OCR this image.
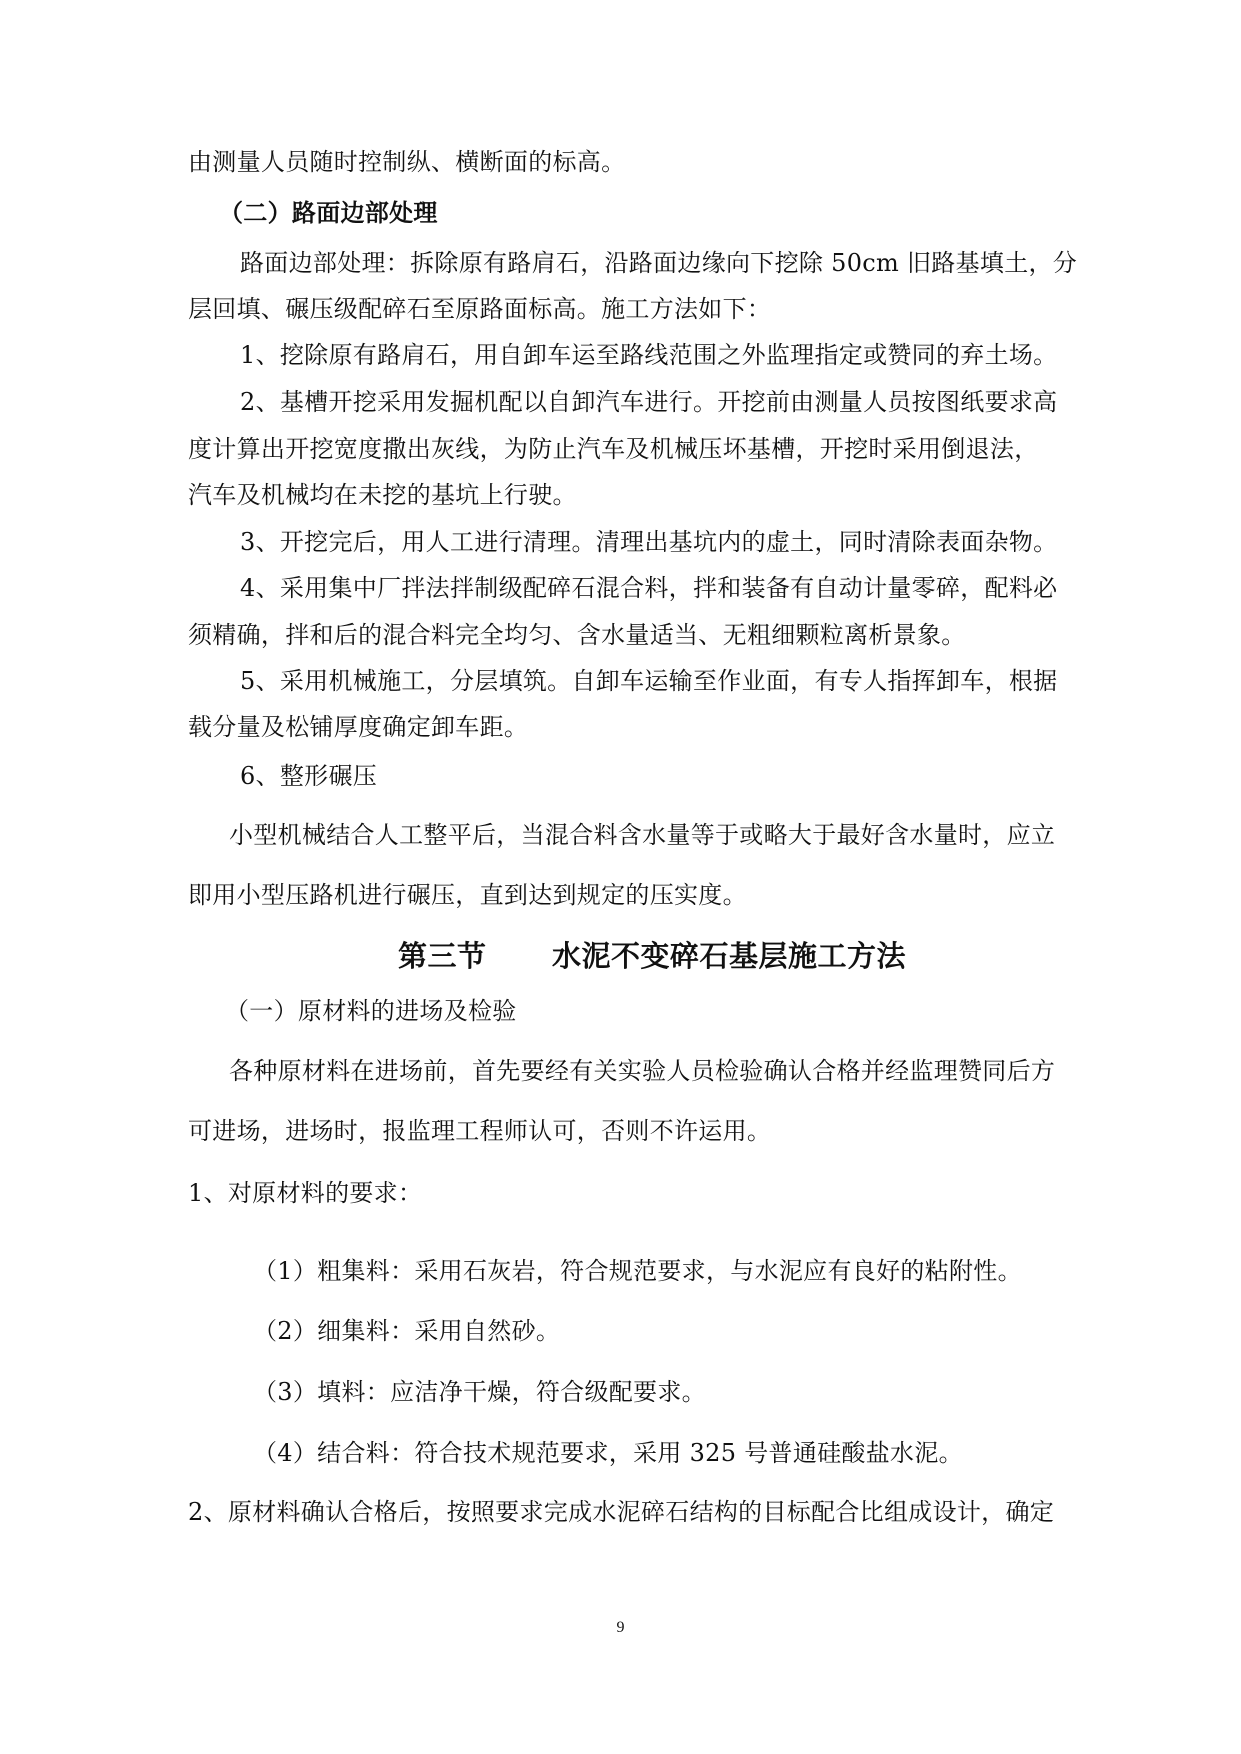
由测量人员随时控制纵、横断面的标高。
（二）路面边部处理
路面边部处理：拆除原有路肩石，沿路面边缘向下挖除 50cm 旧路基填土，分
层回填、碾压级配碎石至原路面标高。施工方法如下：
1、挖除原有路肩石，用自卸车运至路线范围之外监理指定或赞同的弃土场。
2、基槽开挖采用发掘机配以自卸汽车进行。开挖前由测量人员按图纸要求高
度计算出开挖宽度撒出灰线，为防止汽车及机械压坏基槽，开挖时采用倒退法，
汽车及机械均在未挖的基坑上行驶。
3、开挖完后，用人工进行清理。清理出基坑内的虚土，同时清除表面杂物。
4、采用集中厂拌法拌制级配碎石混合料，拌和装备有自动计量零碎，配料必
须精确，拌和后的混合料完全均匀、含水量适当、无粗细颗粒离析景象。
5、采用机械施工，分层填筑。自卸车运输至作业面，有专人指挥卸车，根据
载分量及松铺厚度确定卸车距。
6、整形碾压
小型机械结合人工整平后，当混合料含水量等于或略大于最好含水量时，应立
即用小型压路机进行碾压，直到达到规定的压实度。
第三节 水泥不变碎石基层施工方法
（一）原材料的进场及检验
各种原材料在进场前，首先要经有关实验人员检验确认合格并经监理赞同后方
可进场，进场时，报监理工程师认可，否则不许运用。
1、对原材料的要求：
（1）粗集料：采用石灰岩，符合规范要求，与水泥应有良好的粘附性。
（2）细集料：采用自然砂。
（3）填料：应洁净干燥，符合级配要求。
（4）结合料：符合技术规范要求，采用 325 号普通硅酸盐水泥。
2、原材料确认合格后，按照要求完成水泥碎石结构的目标配合比组成设计，确定
9
